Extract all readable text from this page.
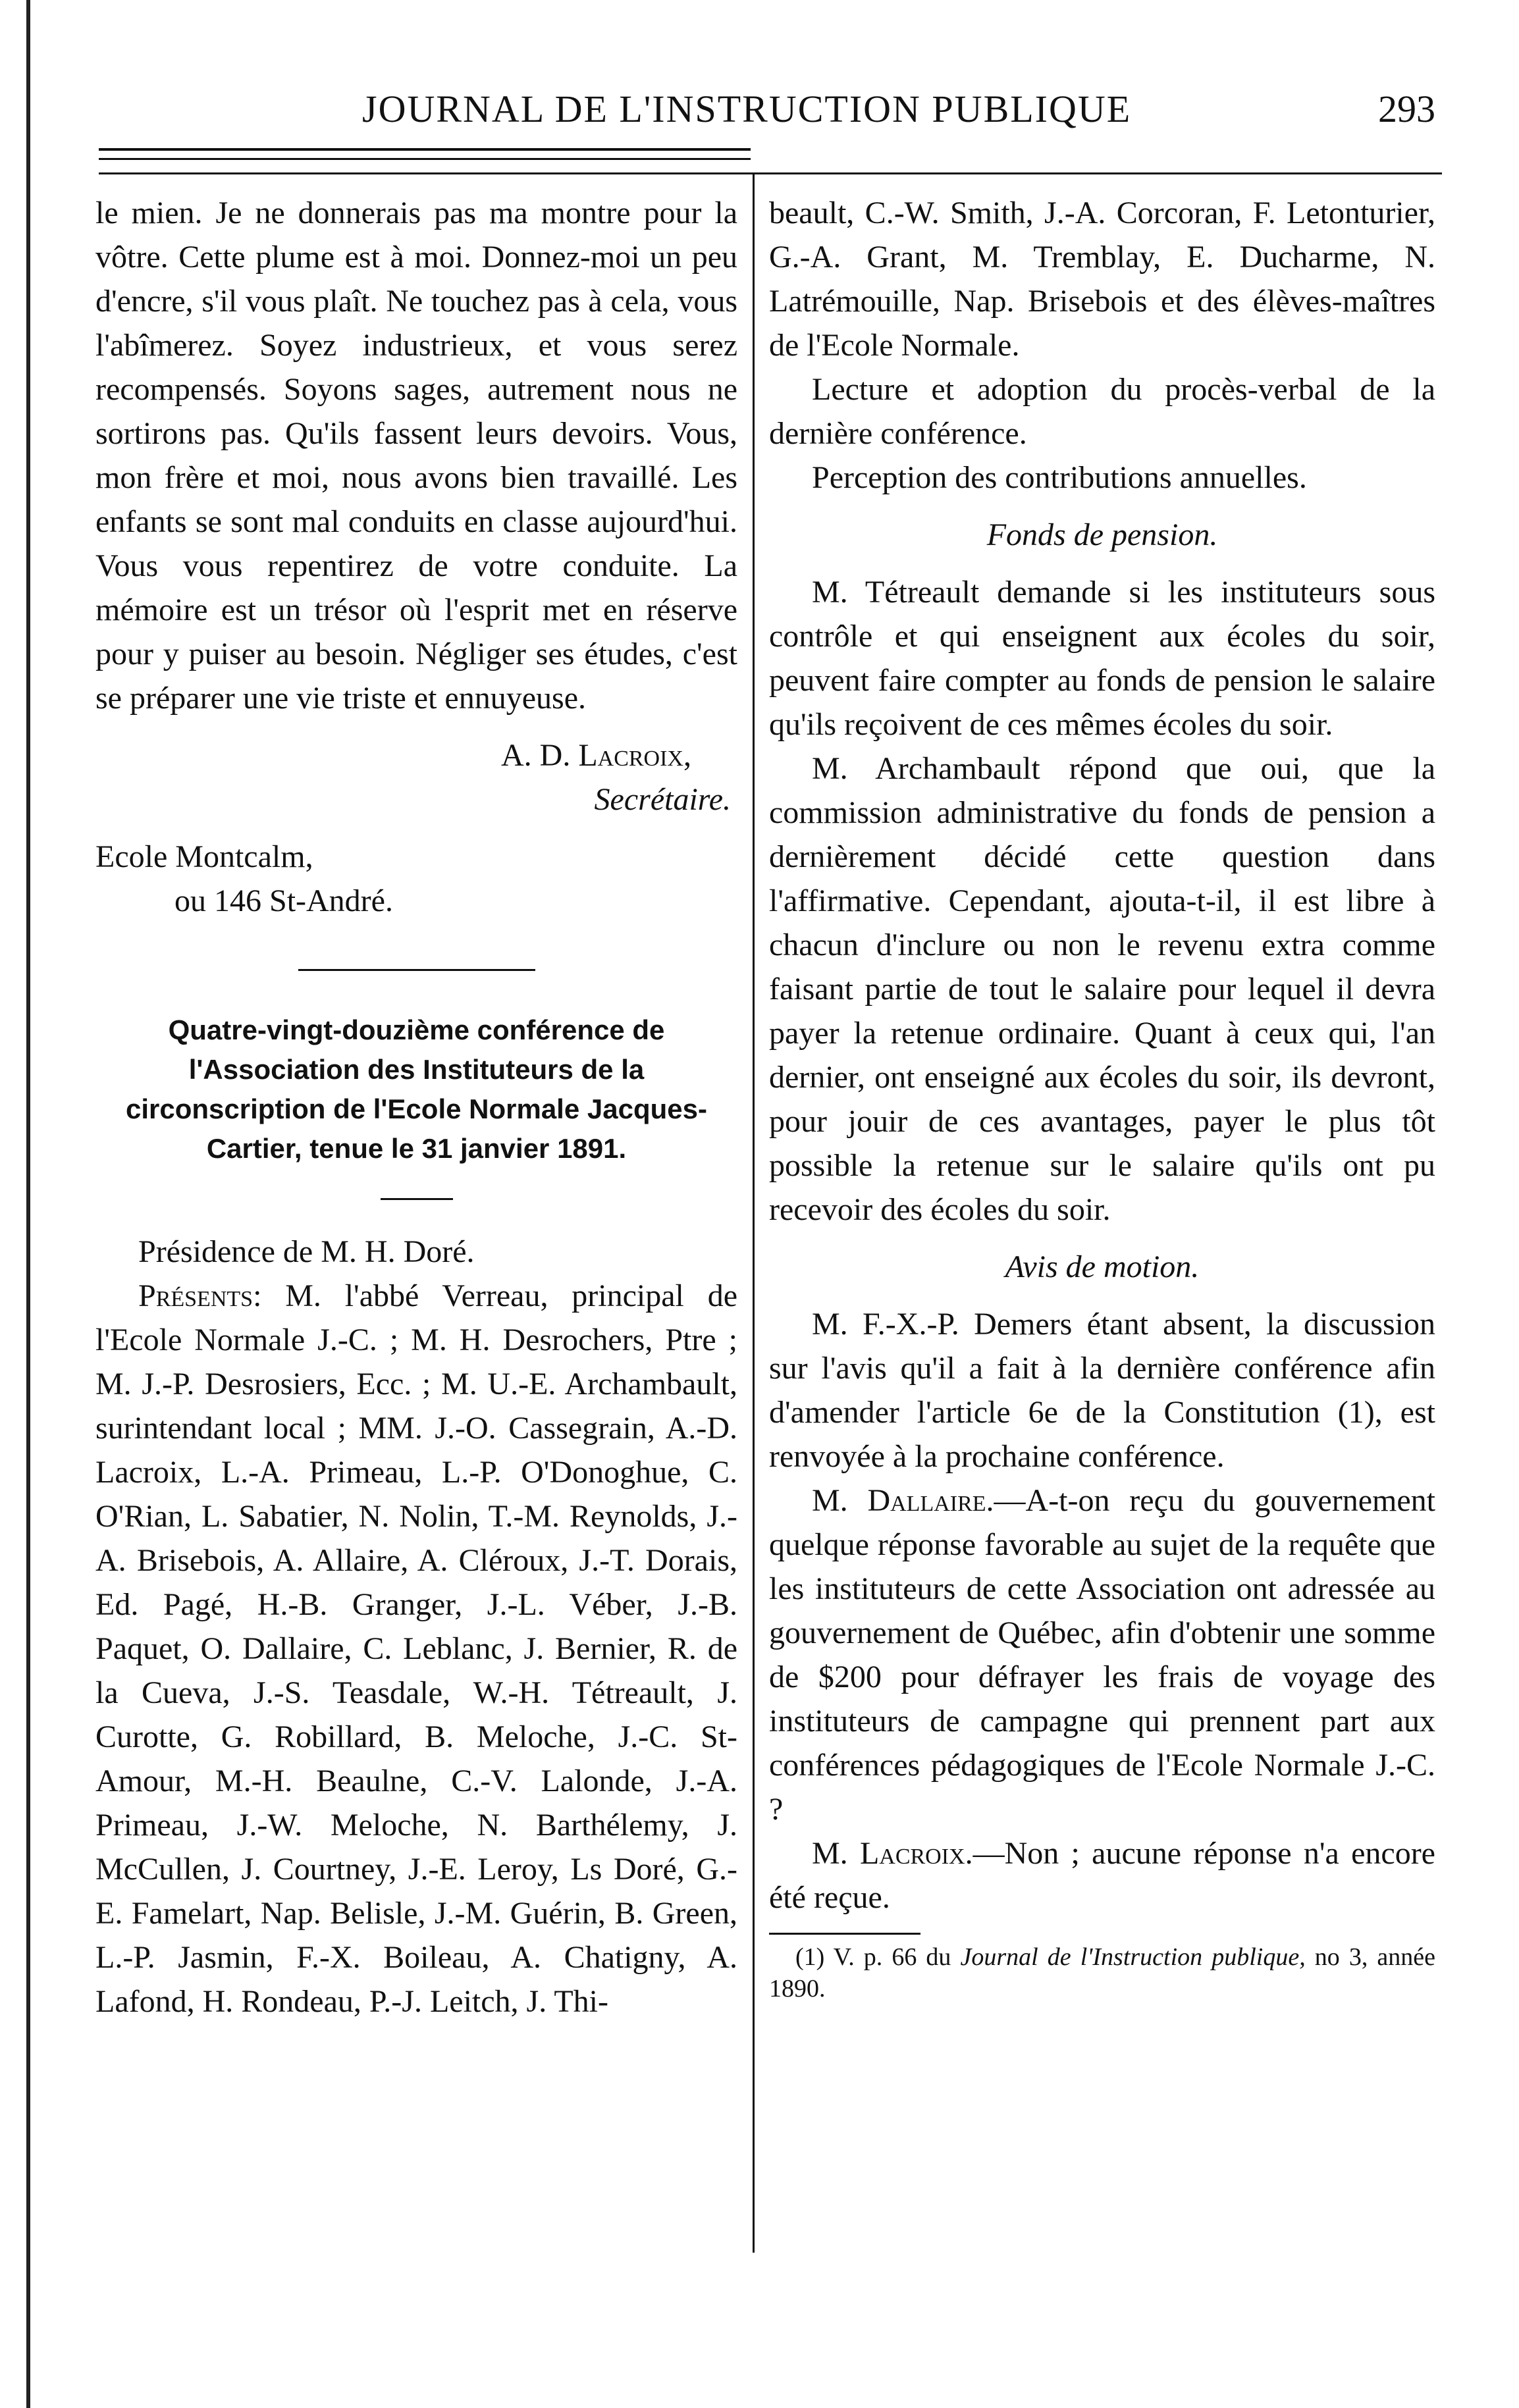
JOURNAL DE L'INSTRUCTION PUBLIQUE	293

le mien. Je ne donnerais pas ma montre pour la vôtre. Cette plume est à moi. Donnez-moi un peu d'encre, s'il vous plaît. Ne touchez pas à cela, vous l'abîmerez. Soyez industrieux, et vous serez recompensés. Soyons sages, autrement nous ne sortirons pas. Qu'ils fassent leurs devoirs. Vous, mon frère et moi, nous avons bien travaillé. Les enfants se sont mal conduits en classe aujourd'hui. Vous vous repentirez de votre conduite. La mémoire est un trésor où l'esprit met en réserve pour y puiser au besoin. Négliger ses études, c'est se préparer une vie triste et ennuyeuse.

A. D. Lacroix,

Secrétaire.

Ecole Montcalm,

ou 146 St-André.

Quatre-vingt-douzième conférence de l'Association des Instituteurs de la circonscription de l'Ecole Normale Jacques-Cartier, tenue le 31 janvier 1891.

Présidence de M. H. Doré.

Présents: M. l'abbé Verreau, principal de l'Ecole Normale J.-C. ; M. H. Desrochers, Ptre ; M. J.-P. Desrosiers, Ecc. ; M. U.-E. Archambault, surintendant local ; MM. J.-O. Cassegrain, A.-D. Lacroix, L.-A. Primeau, L.-P. O'Donoghue, C. O'Rian, L. Sabatier, N. Nolin, T.-M. Reynolds, J.-A. Brisebois, A. Allaire, A. Cléroux, J.-T. Dorais, Ed. Pagé, H.-B. Granger, J.-L. Véber, J.-B. Paquet, O. Dallaire, C. Leblanc, J. Bernier, R. de la Cueva, J.-S. Teasdale, W.-H. Tétreault, J. Curotte, G. Robillard, B. Meloche, J.-C. St-Amour, M.-H. Beaulne, C.-V. Lalonde, J.-A. Primeau, J.-W. Meloche, N. Barthélemy, J. McCullen, J. Courtney, J.-E. Leroy, Ls Doré, G.-E. Famelart, Nap. Belisle, J.-M. Guérin, B. Green, L.-P. Jasmin, F.-X. Boileau, A. Chatigny, A. Lafond, H. Rondeau, P.-J. Leitch, J. Thi-

beault, C.-W. Smith, J.-A. Corcoran, F. Letonturier, G.-A. Grant, M. Tremblay, E. Ducharme, N. Latrémouille, Nap. Brisebois et des élèves-maîtres de l'Ecole Normale.

Lecture et adoption du procès-verbal de la dernière conférence.

Perception des contributions annuelles.

Fonds de pension.

M. Tétreault demande si les instituteurs sous contrôle et qui enseignent aux écoles du soir, peuvent faire compter au fonds de pension le salaire qu'ils reçoivent de ces mêmes écoles du soir.

M. Archambault répond que oui, que la commission administrative du fonds de pension a dernièrement décidé cette question dans l'affirmative. Cependant, ajouta-t-il, il est libre à chacun d'inclure ou non le revenu extra comme faisant partie de tout le salaire pour lequel il devra payer la retenue ordinaire. Quant à ceux qui, l'an dernier, ont enseigné aux écoles du soir, ils devront, pour jouir de ces avantages, payer le plus tôt possible la retenue sur le salaire qu'ils ont pu recevoir des écoles du soir.

Avis de motion.

M. F.-X.-P. Demers étant absent, la discussion sur l'avis qu'il a fait à la dernière conférence afin d'amender l'article 6e de la Constitution (1), est renvoyée à la prochaine conférence.

M. Dallaire.—A-t-on reçu du gouvernement quelque réponse favorable au sujet de la requête que les instituteurs de cette Association ont adressée au gouvernement de Québec, afin d'obtenir une somme de $200 pour défrayer les frais de voyage des instituteurs de campagne qui prennent part aux conférences pédagogiques de l'Ecole Normale J.-C. ?

M. Lacroix.—Non ; aucune réponse n'a encore été reçue.

(1) V. p. 66 du Journal de l'Instruction publique, no 3, année 1890.
